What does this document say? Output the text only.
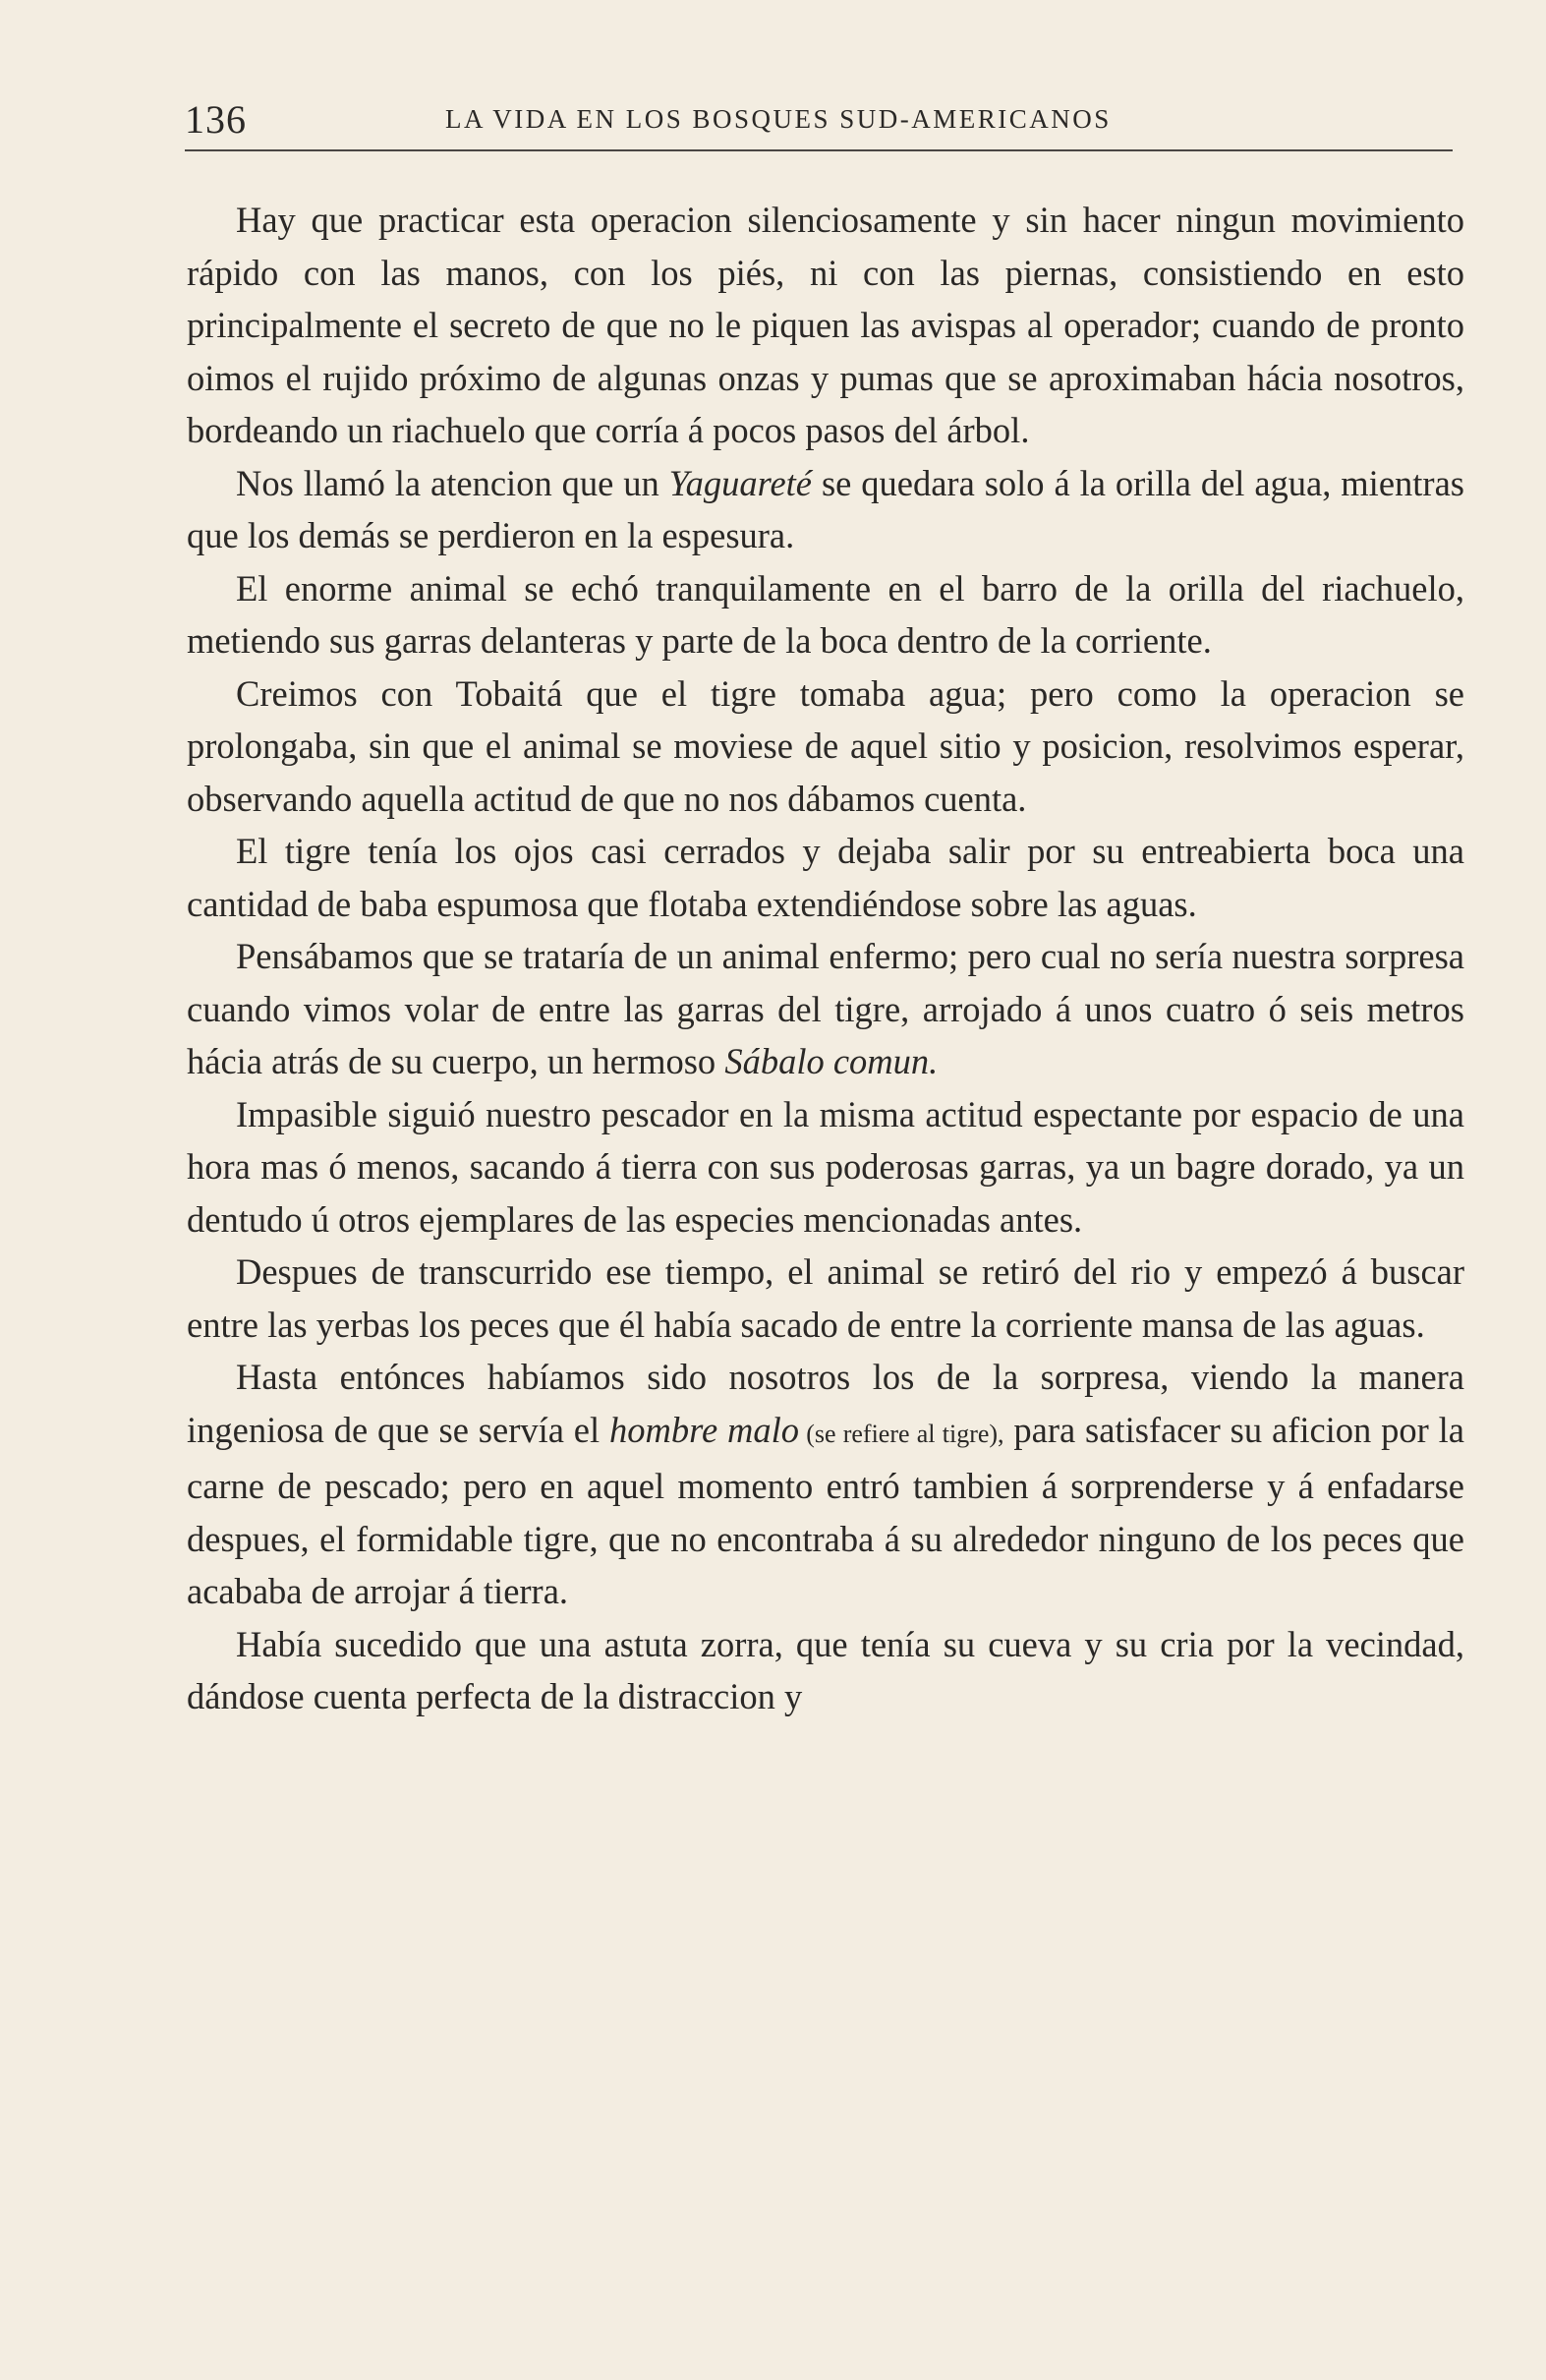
136	LA VIDA EN LOS BOSQUES SUD-AMERICANOS

Hay que practicar esta operacion silenciosamente y sin hacer ningun movimiento rápido con las manos, con los piés, ni con las piernas, consistiendo en esto principalmente el secreto de que no le piquen las avispas al operador; cuando de pronto oimos el rujido próximo de algunas onzas y pumas que se aproximaban hácia nosotros, bordeando un riachuelo que corría á pocos pasos del árbol.

Nos llamó la atencion que un Yaguareté se quedara solo á la orilla del agua, mientras que los demás se perdieron en la espesura.

El enorme animal se echó tranquilamente en el barro de la orilla del riachuelo, metiendo sus garras delanteras y parte de la boca dentro de la corriente.

Creimos con Tobaitá que el tigre tomaba agua; pero como la operacion se prolongaba, sin que el animal se moviese de aquel sitio y posicion, resolvimos esperar, observando aquella actitud de que no nos dábamos cuenta.

El tigre tenía los ojos casi cerrados y dejaba salir por su entreabierta boca una cantidad de baba espumosa que flotaba extendiéndose sobre las aguas.

Pensábamos que se trataría de un animal enfermo; pero cual no sería nuestra sorpresa cuando vimos volar de entre las garras del tigre, arrojado á unos cuatro ó seis metros hácia atrás de su cuerpo, un hermoso Sábalo comun.

Impasible siguió nuestro pescador en la misma actitud espectante por espacio de una hora mas ó menos, sacando á tierra con sus poderosas garras, ya un bagre dorado, ya un dentudo ú otros ejemplares de las especies mencionadas antes.

Despues de transcurrido ese tiempo, el animal se retiró del rio y empezó á buscar entre las yerbas los peces que él había sacado de entre la corriente mansa de las aguas.

Hasta entónces habíamos sido nosotros los de la sorpresa, viendo la manera ingeniosa de que se servía el hombre malo (se refiere al tigre), para satisfacer su aficion por la carne de pescado; pero en aquel momento entró tambien á sorprenderse y á enfadarse despues, el formidable tigre, que no encontraba á su alrededor ninguno de los peces que acababa de arrojar á tierra.

Había sucedido que una astuta zorra, que tenía su cueva y su cria por la vecindad, dándose cuenta perfecta de la distraccion y
